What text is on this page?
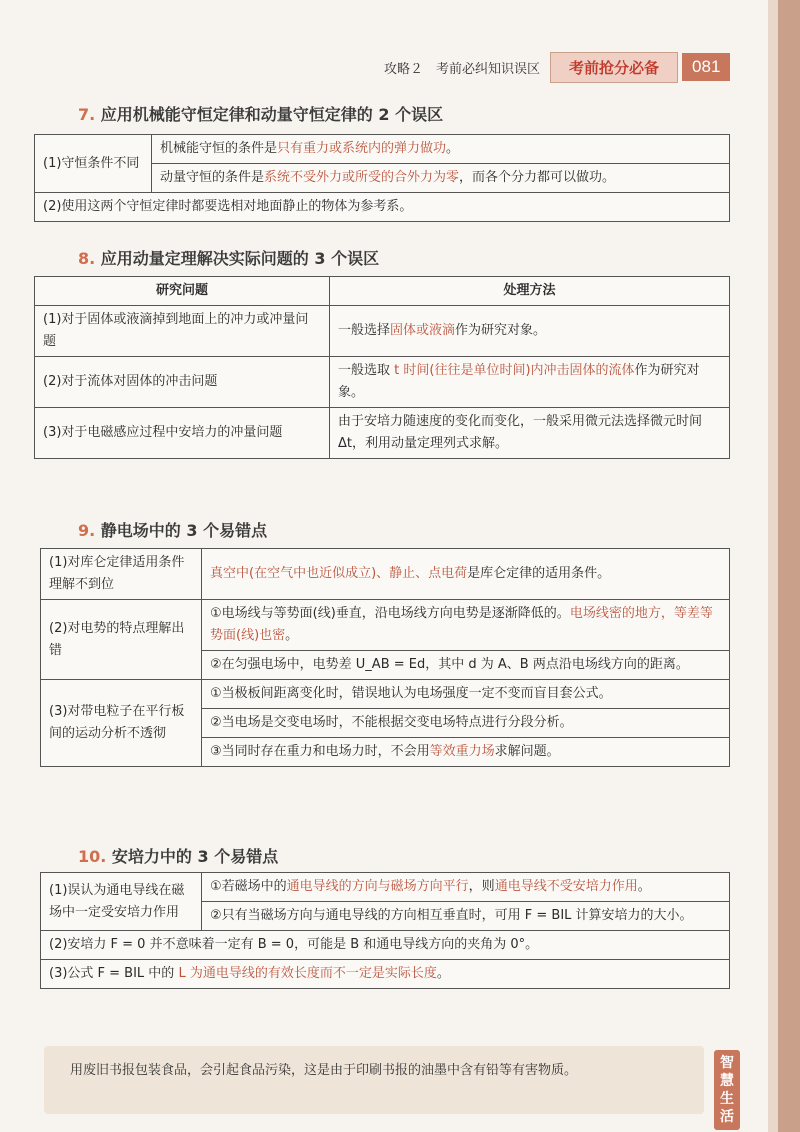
攻略２　考前必纠知识误区	考前抢分必备	081
7. 应用机械能守恒定律和动量守恒定律的 2 个误区
(1)守恒条件不同	机械能守恒的条件是只有重力或系统内的弹力做功。
动量守恒的条件是系统不受外力或所受的合外力为零，而各个分力都可以做功。
(2)使用这两个守恒定律时都要选相对地面静止的物体为参考系。
8. 应用动量定理解决实际问题的 3 个误区
研究问题	处理方法
(1)对于固体或液滴掉到地面上的冲力或冲量问题	一般选择固体或液滴作为研究对象。
(2)对于流体对固体的冲击问题	一般选取 t 时间(往往是单位时间)内冲击固体的流体作为研究对象。
(3)对于电磁感应过程中安培力的冲量问题	由于安培力随速度的变化而变化，一般采用微元法选择微元时间 Δt，利用动量定理列式求解。
9. 静电场中的 3 个易错点
(1)对库仑定律适用条件理解不到位	真空中(在空气中也近似成立)、静止、点电荷是库仑定律的适用条件。
(2)对电势的特点理解出错	①电场线与等势面(线)垂直，沿电场线方向电势是逐渐降低的。电场线密的地方，等差等势面(线)也密。
	②在匀强电场中，电势差 U_AB = Ed，其中 d 为 A、B 两点沿电场线方向的距离。
(3)对带电粒子在平行板间的运动分析不透彻	①当极板间距离变化时，错误地认为电场强度一定不变而盲目套公式。
	②当电场是交变电场时，不能根据交变电场特点进行分段分析。
	③当同时存在重力和电场力时，不会用等效重力场求解问题。
10. 安培力中的 3 个易错点
(1)误认为通电导线在磁场中一定受安培力作用	①若磁场中的通电导线的方向与磁场方向平行，则通电导线不受安培力作用。
②只有当磁场方向与通电导线的方向相互垂直时，可用 F = BIL 计算安培力的大小。
(2)安培力 F = 0 并不意味着一定有 B = 0，可能是 B 和通电导线方向的夹角为 0°。
(3)公式 F = BIL 中的 L 为通电导线的有效长度而不一定是实际长度。
用废旧书报包装食品，会引起食品污染，这是由于印刷书报的油墨中含有铅等有害物质。	智慧生活
